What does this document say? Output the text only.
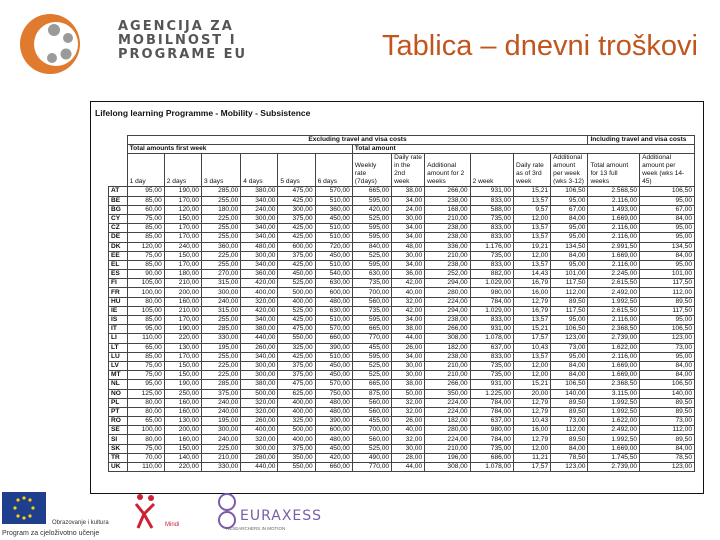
AGENCIJA ZA
MOBILNOST I
PROGRAME EU	Tablica – dnevni troškovi
Lifelong learning Programme - Mobility - Subsistence
	Excluding travel and visa costs												Including travel and visa costs	
	Total amounts first week						Total amount							
	1 day	2 days	3 days	4 days	5 days	6 days	Weekly rate (7days)	Daily rate in the 2nd week	Additional amount for 2 weeks	2 week	Daily rate as of 3rd week	Additional amount per week (wks 3-12)	Total amount for 13 full weeks	Additional amount per week (wks 14-45)
AT	95,00	190,00	285,00	380,00	475,00	570,00	665,00	38,00	266,00	931,00	15,21	106,50	2.568,50	106,50
BE	85,00	170,00	255,00	340,00	425,00	510,00	595,00	34,00	238,00	833,00	13,57	95,00	2.116,00	95,00
BG	60,00	120,00	180,00	240,00	300,00	360,00	420,00	24,00	168,00	588,00	9,57	67,00	1.493,00	67,00
CY	75,00	150,00	225,00	300,00	375,00	450,00	525,00	30,00	210,00	735,00	12,00	84,00	1.669,00	84,00
CZ	85,00	170,00	255,00	340,00	425,00	510,00	595,00	34,00	238,00	833,00	13,57	95,00	2.116,00	95,00
DE	85,00	170,00	255,00	340,00	425,00	510,00	595,00	34,00	238,00	833,00	13,57	95,00	2.116,00	95,00
DK	120,00	240,00	360,00	480,00	600,00	720,00	840,00	48,00	336,00	1.176,00	19,21	134,50	2.991,50	134,50
EE	75,00	150,00	225,00	300,00	375,00	450,00	525,00	30,00	210,00	735,00	12,00	84,00	1.669,00	84,00
EL	85,00	170,00	255,00	340,00	425,00	510,00	595,00	34,00	238,00	833,00	13,57	95,00	2.116,00	95,00
ES	90,00	180,00	270,00	360,00	450,00	540,00	630,00	36,00	252,00	882,00	14,43	101,00	2.245,00	101,00
FI	105,00	210,00	315,00	420,00	525,00	630,00	735,00	42,00	294,00	1.029,00	16,79	117,50	2.615,50	117,50
FR	100,00	200,00	300,00	400,00	500,00	600,00	700,00	40,00	280,00	980,00	16,00	112,00	2.492,00	112,00
HU	80,00	160,00	240,00	320,00	400,00	480,00	560,00	32,00	224,00	784,00	12,79	89,50	1.992,50	89,50
IE	105,00	210,00	315,00	420,00	525,00	630,00	735,00	42,00	294,00	1.029,00	16,79	117,50	2.615,50	117,50
IS	85,00	170,00	255,00	340,00	425,00	510,00	595,00	34,00	238,00	833,00	13,57	95,00	2.116,00	95,00
IT	95,00	190,00	285,00	380,00	475,00	570,00	665,00	38,00	266,00	931,00	15,21	106,50	2.368,50	106,50
LI	110,00	220,00	330,00	440,00	550,00	660,00	770,00	44,00	308,00	1.078,00	17,57	123,00	2.739,00	123,00
LT	65,00	130,00	195,00	260,00	325,00	390,00	455,00	26,00	182,00	637,00	10,43	73,00	1.622,00	73,00
LU	85,00	170,00	255,00	340,00	425,00	510,00	595,00	34,00	238,00	833,00	13,57	95,00	2.116,00	95,00
LV	75,00	150,00	225,00	300,00	375,00	450,00	525,00	30,00	210,00	735,00	12,00	84,00	1.669,00	84,00
MT	75,00	150,00	225,00	300,00	375,00	450,00	525,00	30,00	210,00	735,00	12,00	84,00	1.669,00	84,00
NL	95,00	190,00	285,00	380,00	475,00	570,00	665,00	38,00	266,00	931,00	15,21	106,50	2.368,50	106,50
NO	125,00	250,00	375,00	500,00	625,00	750,00	875,00	50,00	350,00	1.225,00	20,00	140,00	3.115,00	140,00
PL	80,00	160,00	240,00	320,00	400,00	480,00	560,00	32,00	224,00	784,00	12,79	89,50	1.992,50	89,50
PT	80,00	160,00	240,00	320,00	400,00	480,00	560,00	32,00	224,00	784,00	12,79	89,50	1.992,50	89,50
RO	65,00	130,00	195,00	260,00	325,00	390,00	455,00	26,00	182,00	637,00	10,43	73,00	1.622,00	73,00
SE	100,00	200,00	300,00	400,00	500,00	600,00	700,00	40,00	280,00	980,00	16,00	112,00	2.492,00	112,00
SI	80,00	160,00	240,00	320,00	400,00	480,00	560,00	32,00	224,00	784,00	12,79	89,50	1.992,50	89,50
SK	75,00	150,00	225,00	300,00	375,00	450,00	525,00	30,00	210,00	735,00	12,00	84,00	1.669,00	84,00
TR	70,00	140,00	210,00	280,00	350,00	420,00	490,00	28,00	196,00	686,00	11,21	78,50	1.745,50	78,50
UK	110,00	220,00	330,00	440,00	550,00	660,00	770,00	44,00	308,00	1.078,00	17,57	123,00	2.739,00	123,00
Obrazovanje i kultura
Program za cjeloživotno učenje
Mindi
EURAXESS
RESEARCHERS IN MOTION
